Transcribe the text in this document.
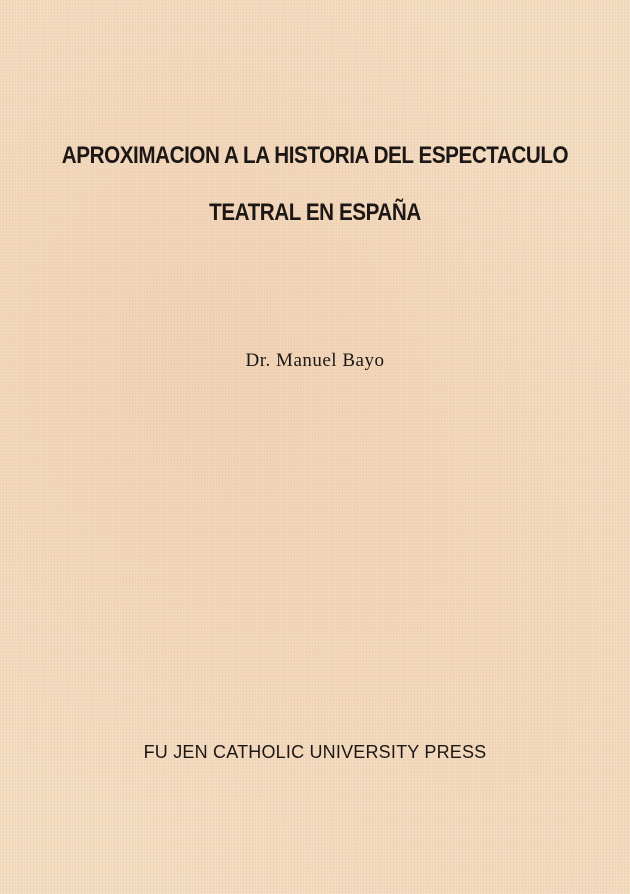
APROXIMACION A LA HISTORIA DEL ESPECTACULO
TEATRAL EN ESPAÑA
Dr. Manuel Bayo
FU JEN CATHOLIC UNIVERSITY PRESS
